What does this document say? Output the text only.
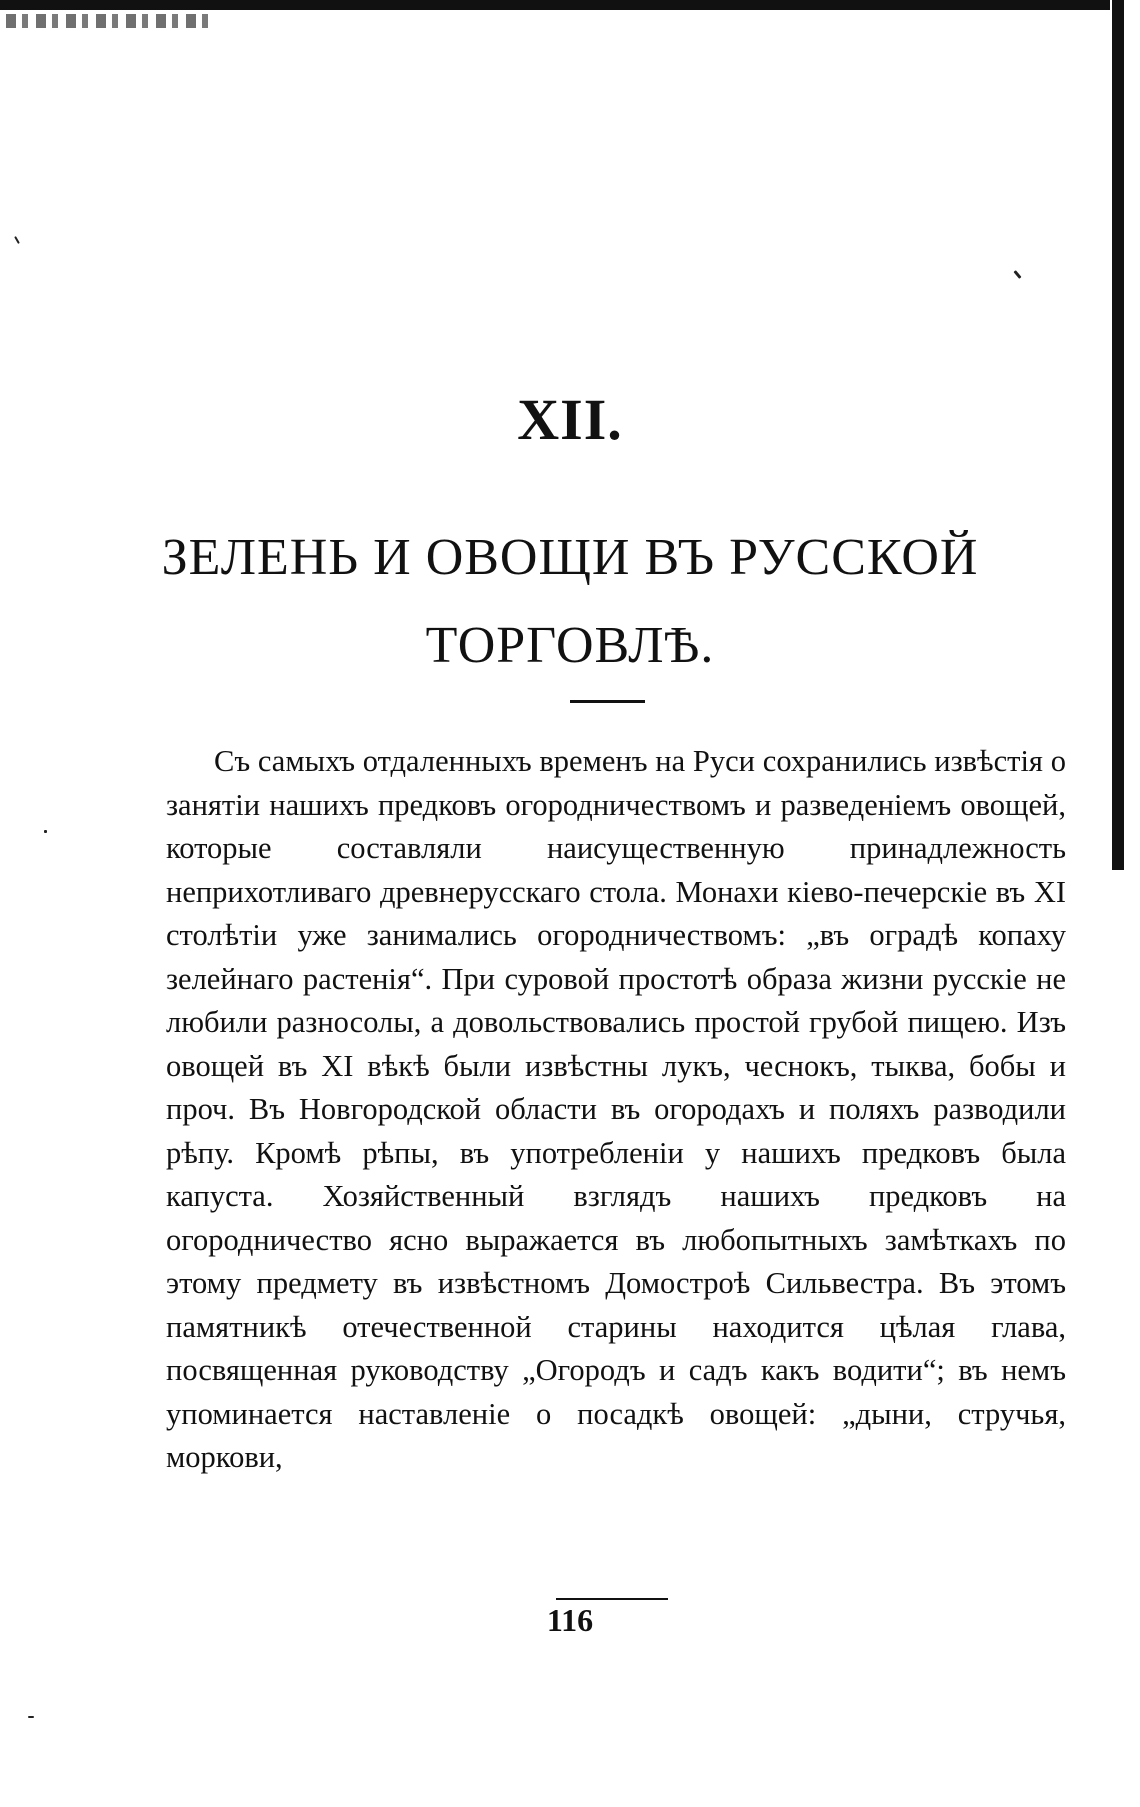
XII.
ЗЕЛЕНЬ И ОВОЩИ ВЪ РУССКОЙ ТОРГОВЛѢ.

Съ самыхъ отдаленныхъ временъ на Руси сохранились извѣстія о занятіи нашихъ предковъ огородничествомъ и разведеніемъ овощей, которые составляли наисущественную принадлежность неприхотливаго древнерусскаго стола. Монахи кіево-печерскіе въ XI столѣтіи уже занимались огородничествомъ: „въ оградѣ копаху зелейнаго растенія“. При суровой простотѣ образа жизни русскіе не любили разносолы, а довольствовались простой грубой пищею. Изъ овощей въ XI вѣкѣ были извѣстны лукъ, чеснокъ, тыква, бобы и проч. Въ Новгородской области въ огородахъ и поляхъ разводили рѣпу. Кромѣ рѣпы, въ употребленіи у нашихъ предковъ была капуста. Хозяйственный взглядъ нашихъ предковъ на огородничество ясно выражается въ любопытныхъ замѣткахъ по этому предмету въ извѣстномъ Домостроѣ Сильвестра. Въ этомъ памятникѣ отечественной старины находится цѣлая глава, посвященная руководству „Огородъ и садъ какъ водити“; въ немъ упоминается наставленіе о посадкѣ овощей: „дыни, стручья, моркови,

116
